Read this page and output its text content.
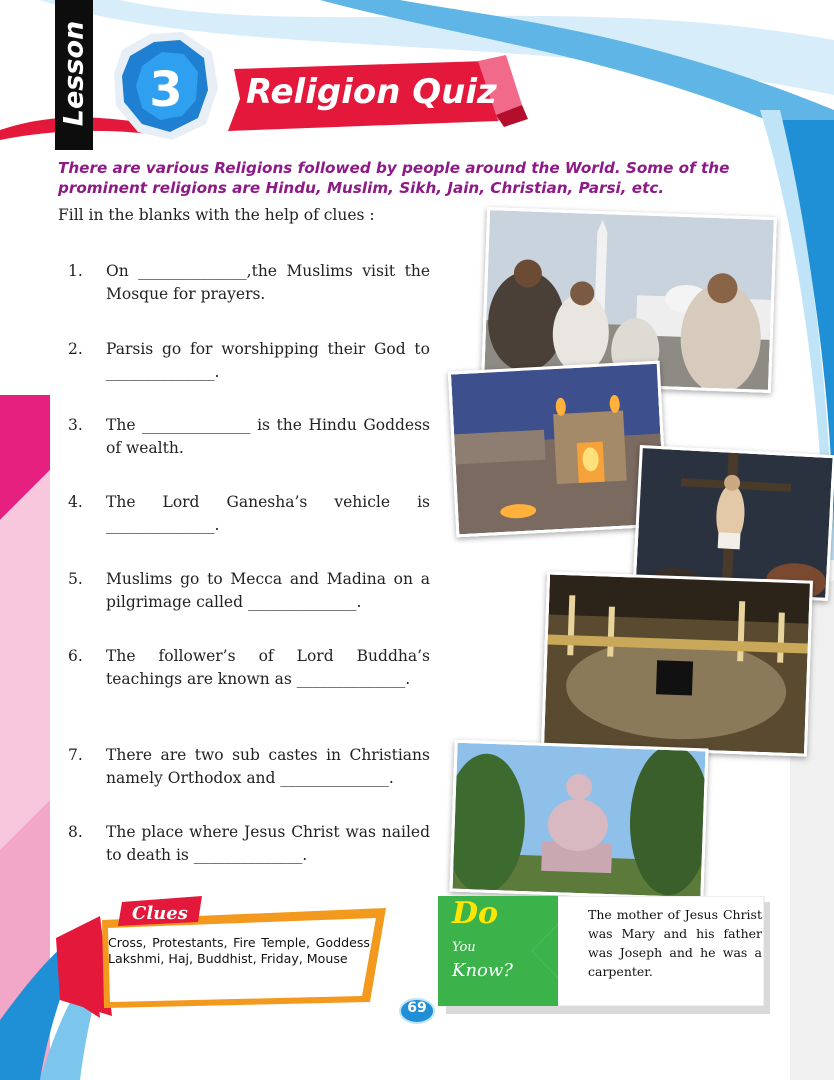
Lesson	3	Religion Quiz
There are various Religions followed by people around the World. Some of the prominent religions are Hindu, Muslim, Sikh, Jain, Christian, Parsi, etc.
Fill in the blanks with the help of clues :
1. On ______________,the Muslims visit the Mosque for prayers.
2. Parsis go for worshipping their God to ______________.
3. The ______________ is the Hindu Goddess of wealth.
4. The Lord Ganesha’s vehicle is ______________.
5. Muslims go to Mecca and Madina on a pilgrimage called ______________.
6. The follower’s of Lord Buddha’s teachings are known as ______________.
7. There are two sub castes in Christians namely Orthodox and ______________.
8. The place where Jesus Christ was nailed to death is ______________.
Clues
Cross, Protestants, Fire Temple, Goddess Lakshmi, Haj, Buddhist, Friday, Mouse
Do
You
Know?
The mother of Jesus Christ was Mary and his father was Joseph and he was a carpenter.
69
